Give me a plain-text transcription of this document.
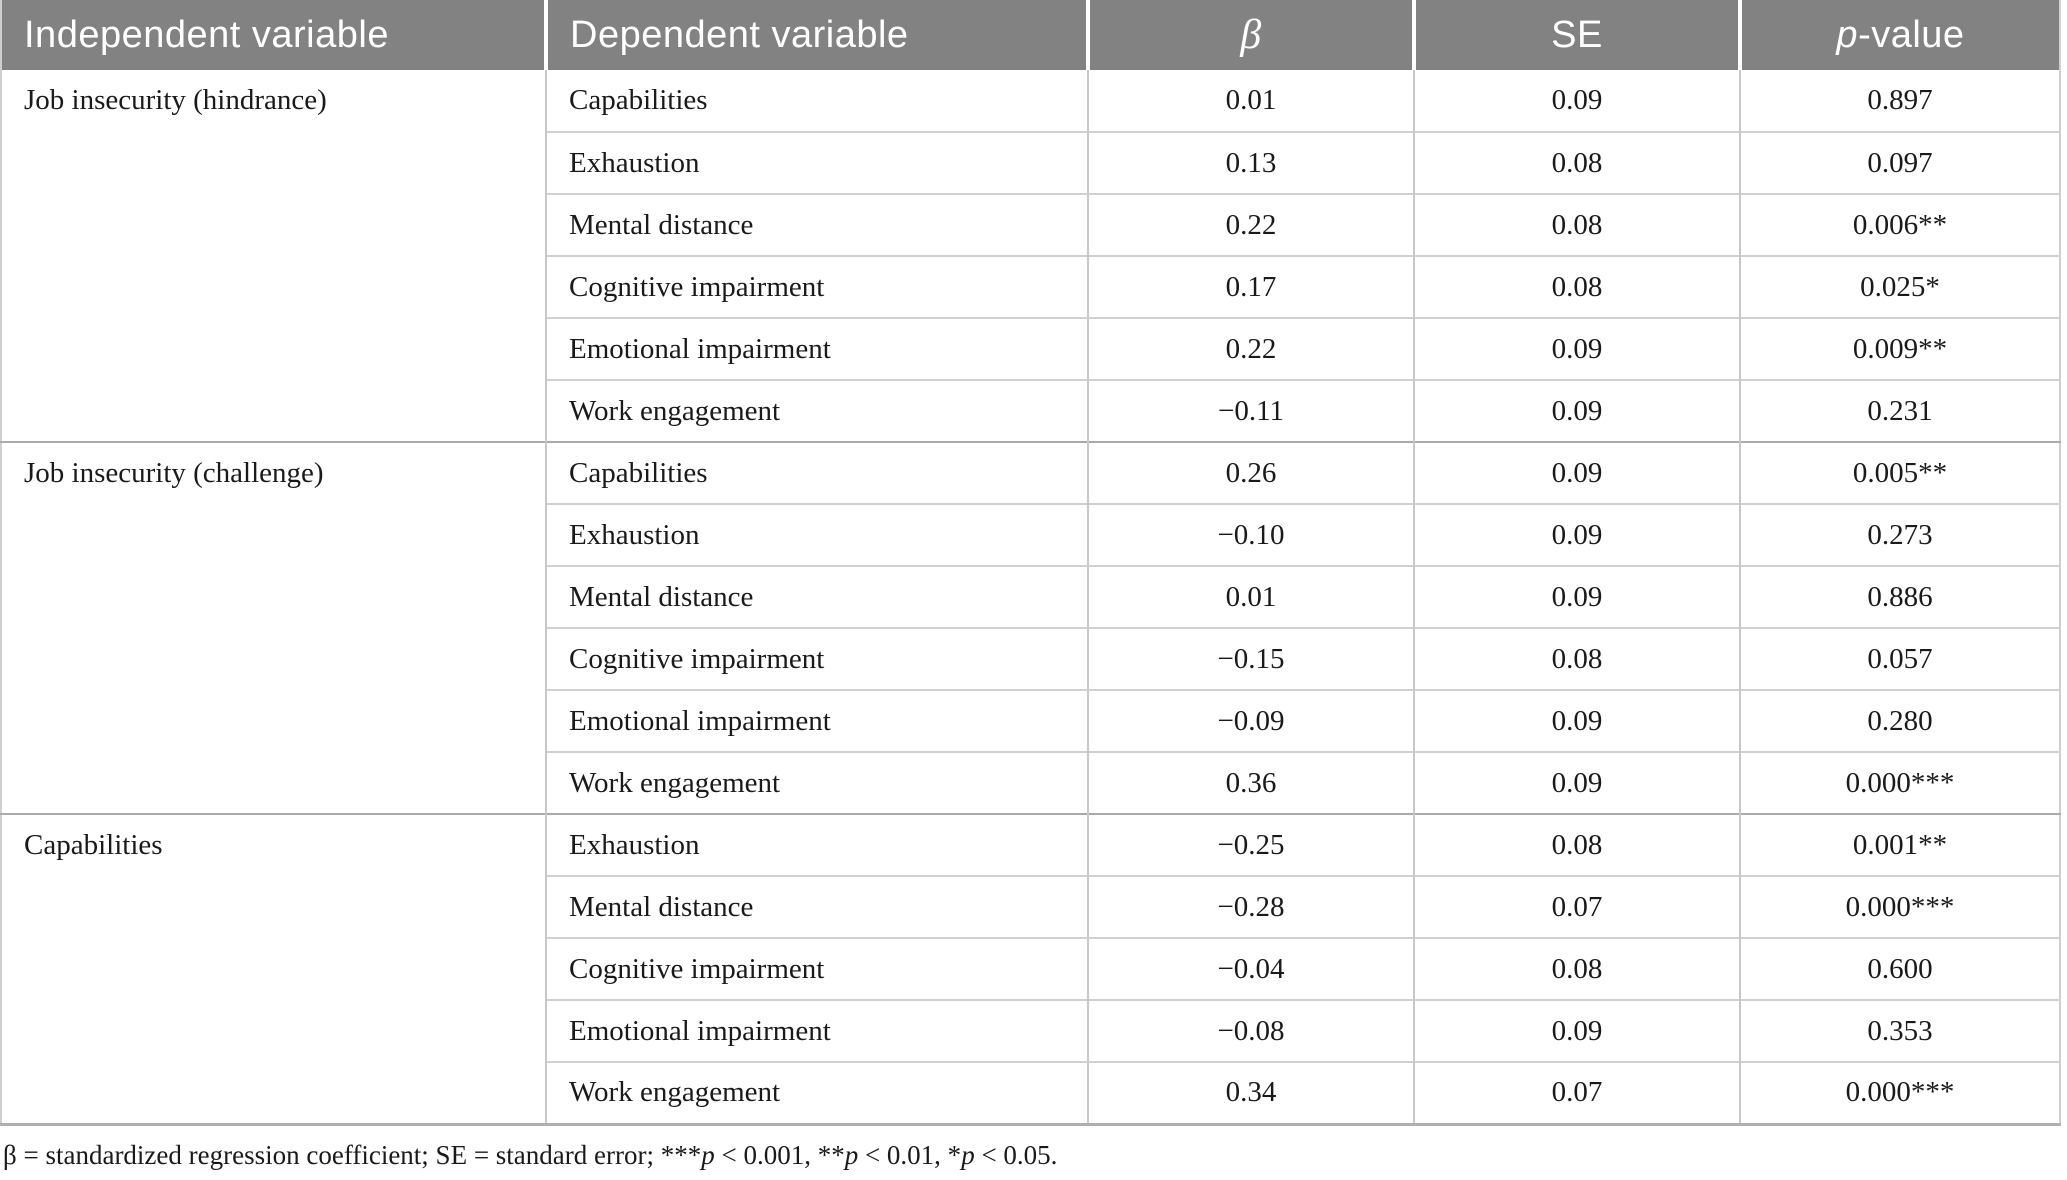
Independent variable	Dependent variable	β	SE	p-value
Job insecurity (hindrance)	Capabilities	0.01	0.09	0.897
	Exhaustion	0.13	0.08	0.097
	Mental distance	0.22	0.08	0.006**
	Cognitive impairment	0.17	0.08	0.025*
	Emotional impairment	0.22	0.09	0.009**
	Work engagement	−0.11	0.09	0.231
Job insecurity (challenge)	Capabilities	0.26	0.09	0.005**
	Exhaustion	−0.10	0.09	0.273
	Mental distance	0.01	0.09	0.886
	Cognitive impairment	−0.15	0.08	0.057
	Emotional impairment	−0.09	0.09	0.280
	Work engagement	0.36	0.09	0.000***
Capabilities	Exhaustion	−0.25	0.08	0.001**
	Mental distance	−0.28	0.07	0.000***
	Cognitive impairment	−0.04	0.08	0.600
	Emotional impairment	−0.08	0.09	0.353
	Work engagement	0.34	0.07	0.000***
β = standardized regression coefficient; SE = standard error; ***p < 0.001, **p < 0.01, *p < 0.05.
